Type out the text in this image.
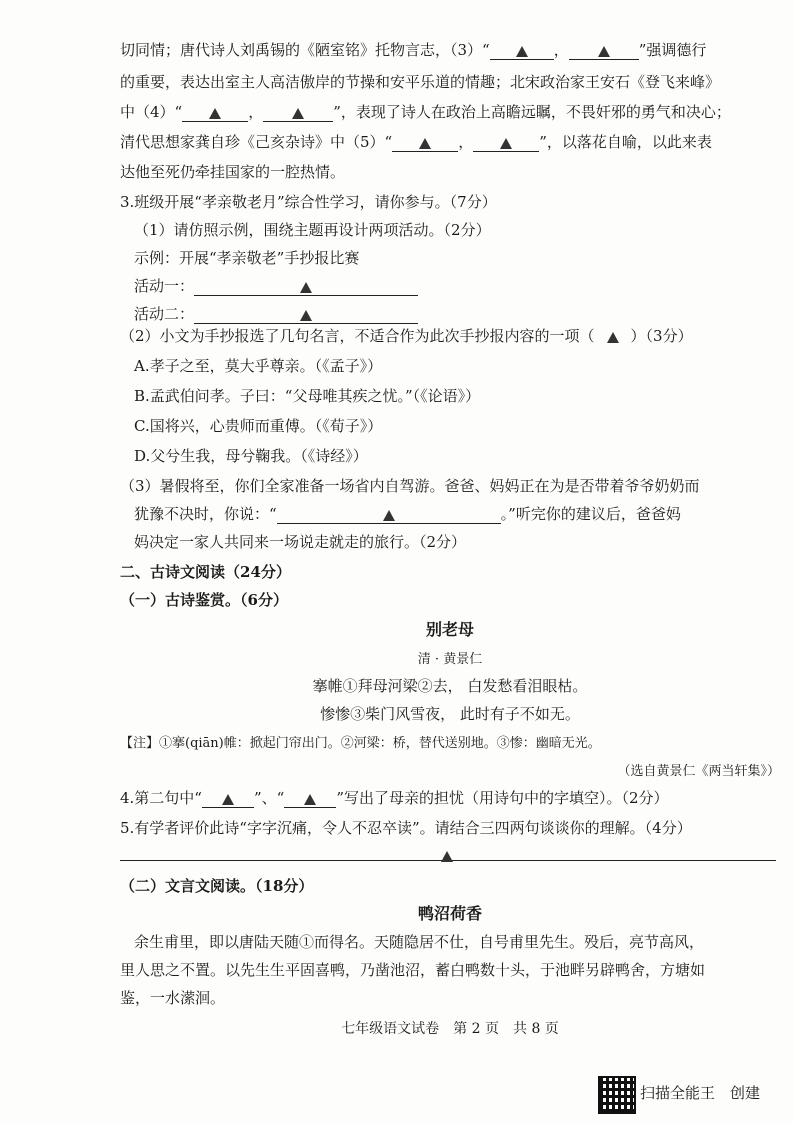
切同情；唐代诗人刘禹锡的《陋室铭》托物言志，（3）“	，	”强调德行
的重要，表达出室主人高洁傲岸的节操和安平乐道的情趣；北宋政治家王安石《登飞来峰》
中（4）“	，	”，表现了诗人在政治上高瞻远瞩，不畏奸邪的勇气和决心；
清代思想家龚自珍《己亥杂诗》中（5）“	，	”，以落花自喻，以此来表
达他至死仍牵挂国家的一腔热情。
3.班级开展“孝亲敬老月”综合性学习，请你参与。（7分）
（1）请仿照示例，围绕主题再设计两项活动。（2分）
示例：开展“孝亲敬老”手抄报比赛
活动一：
活动二：
（2）小文为手抄报选了几句名言，不适合作为此次手抄报内容的一项（ ）（3分）
A.孝子之至，莫大乎尊亲。（《孟子》）
B.孟武伯问孝。子曰：“父母唯其疾之忧。”（《论语》）
C.国将兴，心贵师而重傅。（《荀子》）
D.父兮生我，母兮鞠我。（《诗经》）
（3）暑假将至，你们全家准备一场省内自驾游。爸爸、妈妈正在为是否带着爷爷奶奶而
犹豫不决时，你说：“	。”听完你的建议后，爸爸妈
妈决定一家人共同来一场说走就走的旅行。（2分）
二、古诗文阅读（24分）
（一）古诗鉴赏。（6分）
别老母
清 · 黄景仁
搴帷①拜母河梁②去， 白发愁看泪眼枯。
惨惨③柴门风雪夜， 此时有子不如无。
【注】①搴(qiān)帷：掀起门帘出门。②河梁：桥，替代送别地。③惨：幽暗无光。
（选自黄景仁《两当轩集》）
4.第二句中“	”、“	”写出了母亲的担忧（用诗句中的字填空）。（2分）
5.有学者评价此诗“字字沉痛，令人不忍卒读”。请结合三四两句谈谈你的理解。（4分）
（二）文言文阅读。（18分）
鸭沼荷香
余生甫里，即以唐陆天随①而得名。天随隐居不仕，自号甫里先生。殁后，亮节高风，
里人思之不置。以先生生平固喜鸭，乃凿池沼，蓄白鸭数十头，于池畔另辟鸭舍，方塘如
鉴，一水潆洄。
七年级语文试卷　第 2 页　共 8 页
扫描全能王　创建
